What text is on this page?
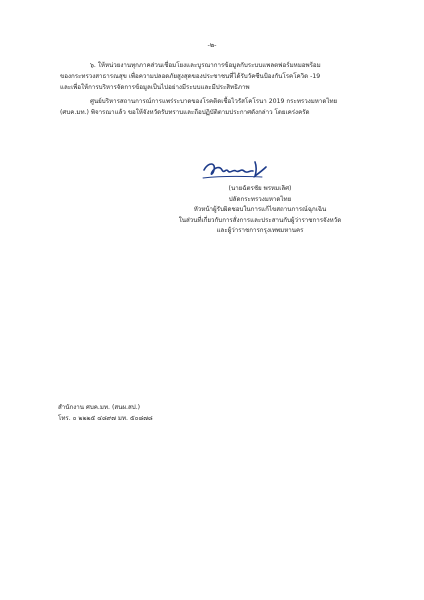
-๒-
๖. ให้หน่วยงานทุกภาคส่วนเชื่อมโยงและบูรณาการข้อมูลกับระบบแพลตฟอร์มหมอพร้อม
ของกระทรวงสาธารณสุข เพื่อความปลอดภัยสูงสุดของประชาชนที่ได้รับวัคซีนป้องกันโรคโควิด -19
และเพื่อให้การบริหารจัดการข้อมูลเป็นไปอย่างมีระบบและมีประสิทธิภาพ
ศูนย์บริหารสถานการณ์การแพร่ระบาดของโรคติดเชื้อไวรัสโคโรนา 2019 กระทรวงมหาดไทย
(ศบค.มท.) พิจารณาแล้ว ขอให้จังหวัดรับทราบและถือปฏิบัติตามประกาศดังกล่าว โดยเคร่งครัด
(นายฉัตรชัย พรหมเลิศ)
ปลัดกระทรวงมหาดไทย
หัวหน้าผู้รับผิดชอบในการแก้ไขสถานการณ์ฉุกเฉิน
ในส่วนที่เกี่ยวกับการสั่งการและประสานกับผู้ว่าราชการจังหวัด
และผู้ว่าราชการกรุงเทพมหานคร
สำนักงาน ศบค.มท. (สนผ.สป.)
โทร. ๐ ๒๒๒๕ ๔๘๙๗ มท. ๕๐๘๗๘
